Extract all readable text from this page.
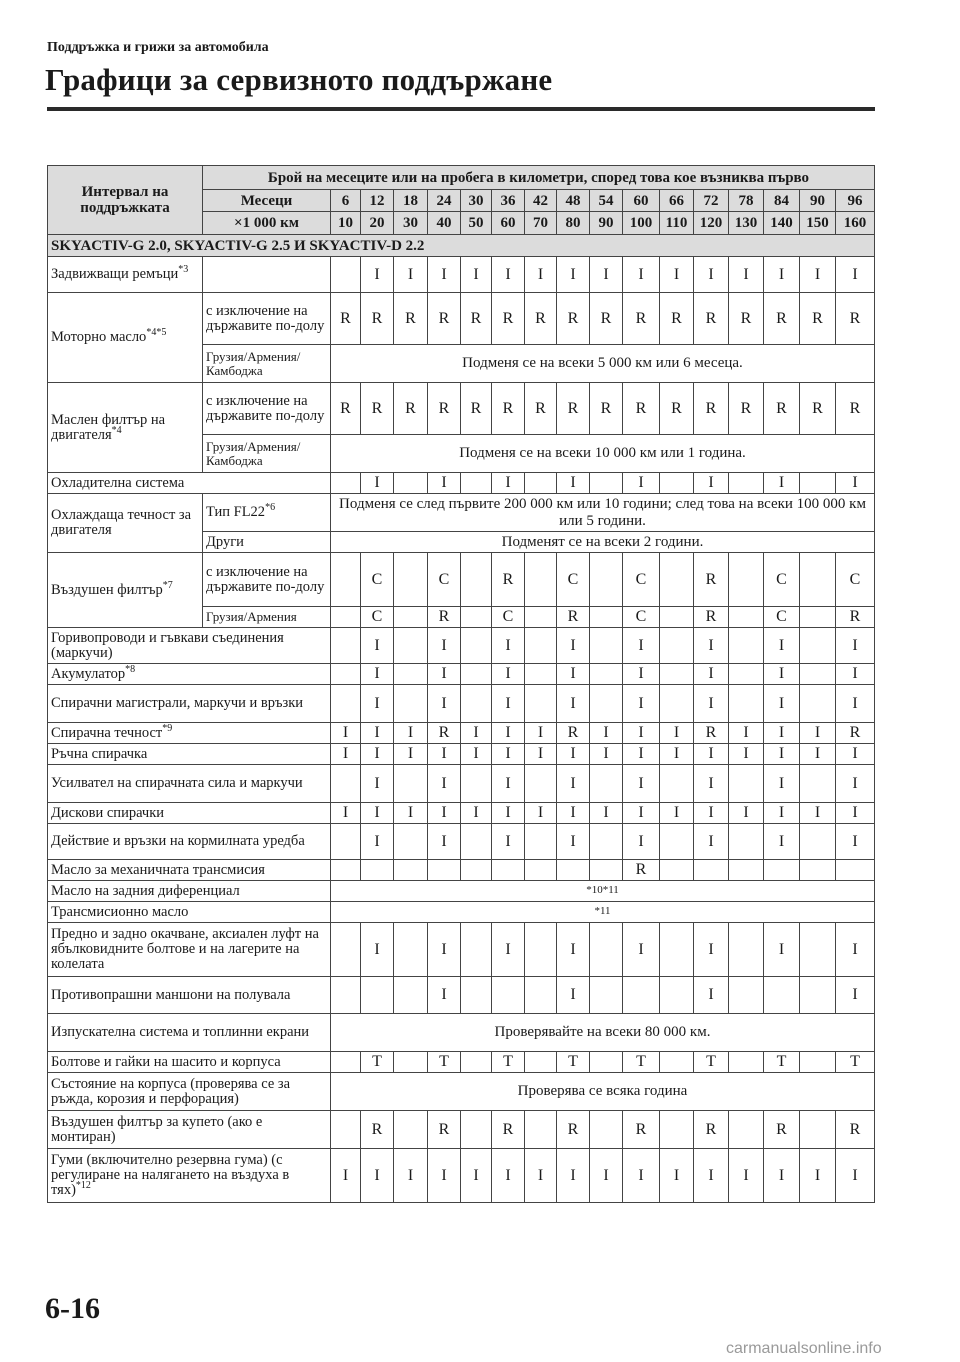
Поддръжка и грижи за автомобила
Графици за сервизното поддържане
Интервал на поддръжката	Брой на месеците или на пробега в километри, според това кое възниква първо																
	Месеци	6	12	18	24	30	36	42	48	54	60	66	72	78	84	90	96
	×1 000 км	10	20	30	40	50	60	70	80	90	100	110	120	130	140	150	160
SKYACTIV-G 2.0, SKYACTIV-G 2.5 И SKYACTIV-D 2.2																	
Задвижващи ремъци$^{*3}$			I	I	I	I	I	I	I	I	I	I	I	I	I	I	I
Моторно масло$^{*4*5}$	с изключение на държавите по-долу	R	R	R	R	R	R	R	R	R	R	R	R	R	R	R	R
	Грузия/Армения/ Камбоджа	Подменя се на всеки 5 000 км или 6 месеца.															
Маслен филтър на двигателя$^{*4}$	с изключение на държавите по-долу	R	R	R	R	R	R	R	R	R	R	R	R	R	R	R	R
	Грузия/Армения/ Камбоджа	Подменя се на всеки 10 000 км или 1 година.															
Охладителна система			I		I		I		I		I		I		I		I
Охлаждаща течност за двигателя	Тип FL22$^{*6}$	Подменя се след първите 200 000 км или 10 години; след това на всеки 100 000 км или 5 години.															
	Други	Подменят се на всеки 2 години.															
Въздушен филтър$^{*7}$	с изключение на държавите по-долу		C		C		R		C		C		R		C		C
	Грузия/Армения		C		R		C		R		C		R		C		R
Горивопроводи и гъвкави съединения (маркучи)			I		I		I		I		I		I		I		I
Акумулатор$^{*8}$			I		I		I		I		I		I		I		I
Спирачни магистрали, маркучи и връзки			I		I		I		I		I		I		I		I
Спирачна течност$^{*9}$		I	I	I	R	I	I	I	R	I	I	I	R	I	I	I	R
Ръчна спирачка		I	I	I	I	I	I	I	I	I	I	I	I	I	I	I	I
Усилвател на спирачната сила и маркучи			I		I		I		I		I		I		I		I
Дискови спирачки		I	I	I	I	I	I	I	I	I	I	I	I	I	I	I	I
Действие и връзки на кормилната уредба			I		I		I		I		I		I		I		I
Масло за механичната трансмисия											R						
Масло на задния диференциал		*10*11															
Трансмисионно масло		*11															
Предно и задно окачване, аксиален луфт на ябълковидните болтове и на лагерите на колелата			I		I		I		I		I		I		I		I
Противопрашни маншони на полувала					I				I				I				I
Изпускателна система и топлинни екрани		Проверявайте на всеки 80 000 км.															
Болтове и гайки на шасито и корпуса			T		T		T		T		T		T		T		T
Състояние на корпуса (проверява се за ръжда, корозия и перфорация)		Проверява се всяка година															
Въздушен филтър за купето (ако е монтиран)			R		R		R		R		R		R		R		R
Гуми (включително резервна гума) (с регулиране на налягането на въздуха в тях)$^{*12}$		I	I	I	I	I	I	I	I	I	I	I	I	I	I	I	I
6-16
carmanualsonline.info
